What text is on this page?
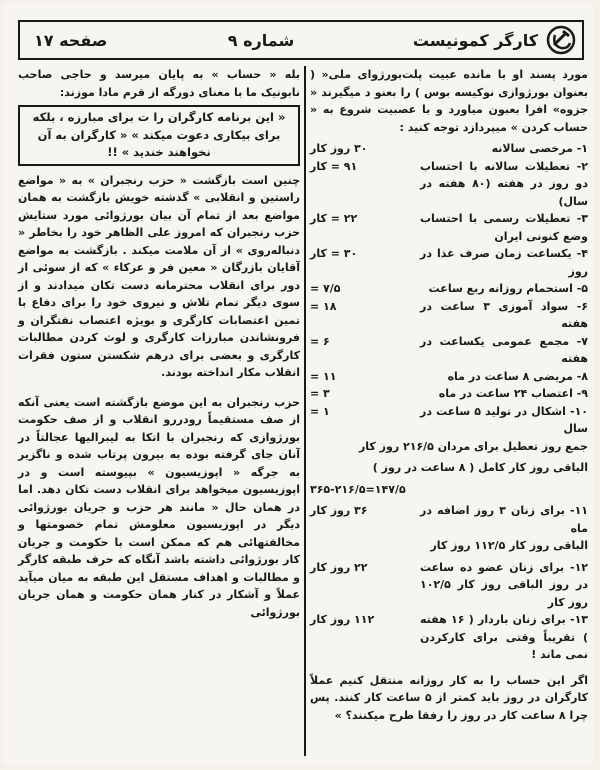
کارگر کمونیست
شماره ۹
صفحه ۱۷

مورد پسند او با مانده عبیت پلت‌بورژوای ملی« ( بعنوان بورژوازی نوکیسه بوس ) را بعنو د میگیرند « جزوه» افرا بعبون میاورد و با عصبیت شروع به « حساب کردن » میپردازد توجه کنید :

۱- مرخصی سالانه
۳۰ روز کار
۲- تعطیلات سالانه با احتساب دو روز در هفته (۸۰ هفته در سال)
۹۱ = کار
۳- تعطیلات رسمی با احتساب وضع کنونی ایران
۲۲ = کار
۴- یکساعت زمان صرف غذا در روز
۳۰ = کار
۵- استحمام روزانه ربع ساعت
۷/۵ =
۶- سواد آموزی ۳ ساعت در هفته
۱۸ =
۷- مجمع عمومی یکساعت در هفته
۶ =
۸- مریضی ۸ ساعت در ماه
۱۱ =
۹- اعتصاب ۲۴ ساعت در ماه
۳ =
۱۰- اشکال در تولید ۵ ساعت در سال
۱ =

جمع روز تعطیل برای مردان ۲۱۶/۵ روز کار

الباقی روز کار کامل ( ۸ ساعت در روز )

۳۶۵-۲۱۶/۵=۱۴۷/۵

۱۱- برای زنان ۳ روز اضافه در ماه
۳۶ روز کار

الباقی روز کار ۱۱۲/۵ روز کار

۱۲- برای زنان عضو ده ساعت در روز الباقی روز کار ۱۰۲/۵ روز کار
۲۲ روز کار
۱۳- برای زنان باردار ( ۱۶ هفته ) تقریباً وقتی برای کارکردن نمی ماند !
۱۱۲ روز کار

اگر این حساب را به کار روزانه منتقل کنیم عملاً کارگران در روز باید کمتر از ۵ ساعت کار کنند. پس چرا ۸ ساعت کار در روز را رفقا طرح میکنند؟ »

بله « حساب » به پایان میرسد و حاجی صاحب نابونیک ما با معنای دورگه از قرم مادا موزند:

« این برنامه کارگران را ت برای مبارزه ، بلکه برای بیکاری دعوت میکند » « کارگران به آن نخواهند خندید » !!

چنین است بازگشت « حزب رنجبران » به « مواضع راستین و انقلابی » گذشته خویش بازگشت به همان مواضع بعد از تمام آن بیان بورژوائی مورد ستایش حزب رنجبران که امروز علی الظاهر خود را بخاطر « دنباله‌روی » از آن ملامت میکند . بازگشت به مواضع آقایان بازرگان « معین فر و عرکاء » که از سوئی از دور برای انقلاب محترمانه دست تکان میدادند و از سوی دیگر تمام تلاش و نیروی خود را برای دفاع با تمین اعتصابات کارگری و بویژه اعتصاب نفتگران و فرونشاندن مبارزات کارگری و لوث کردن مطالبات کارگری و بعضی برای درهم شکستن ستون فقرات انقلاب مکار انداخته بودند.

حزب رنجبران به این موضع بازگشته است یعنی آنکه از صف مستقیماً رودررو انقلاب و از صف حکومت بورژوازی که رنجبران با اتکا به لیبرالیها عجالتاً در آنان جای گرفته بوده به بیرون پرتاب شده و ناگزیر به جرگه « اپوزیسیون » بپیوسته است و در اپوزیسیون میخواهد برای انقلاب دست تکان دهد. اما در همان حال « مانند هر حزب و جریان بورژوائی دیگر در اپوزیسیون معلومش تمام خصومتها و مخالفتهائی هم که ممکن است با حکومت و جریان کار بورژوائی داشته باشد آنگاه که حرف طبقه کارگر و مطالبات و اهداف مستقل این طبقه به میان میآید عملاً و آشکار در کنار همان حکومت و همان جریان بورژوائی
